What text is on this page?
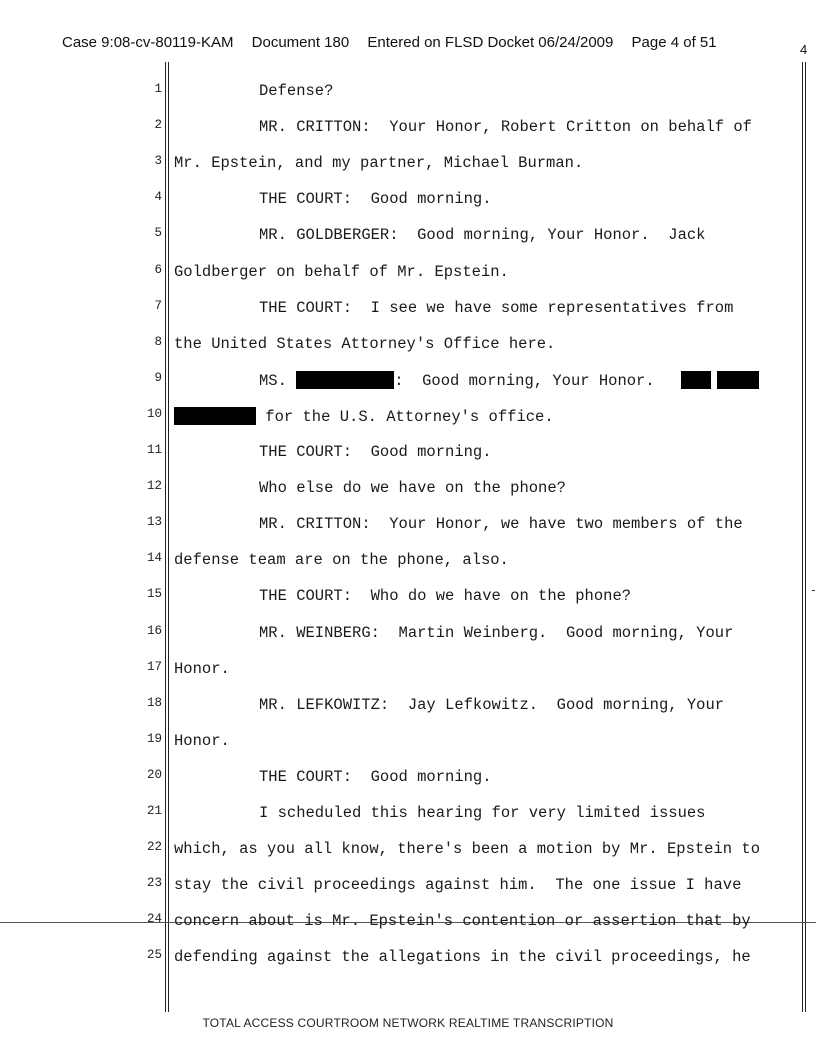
Case 9:08-cv-80119-KAM Document 180 Entered on FLSD Docket 06/24/2009 Page 4 of 51	4
1	Defense?
2	MR. CRITTON:  Your Honor, Robert Critton on behalf of
3 Mr. Epstein, and my partner, Michael Burman.
4	THE COURT:  Good morning.
5	MR. GOLDBERGER:  Good morning, Your Honor.  Jack
6 Goldberger on behalf of Mr. Epstein.
7	THE COURT:  I see we have some representatives from
8 the United States Attorney's Office here.
9	MS.	:  Good morning, Your Honor.
10	for the U.S. Attorney's office.
11	THE COURT:  Good morning.
12	Who else do we have on the phone?
13	MR. CRITTON:  Your Honor, we have two members of the
14 defense team are on the phone, also.
15	THE COURT:  Who do we have on the phone?
16	MR. WEINBERG:  Martin Weinberg.  Good morning, Your
17 Honor.
18	MR. LEFKOWITZ:  Jay Lefkowitz.  Good morning, Your
19 Honor.
20	THE COURT:  Good morning.
21	I scheduled this hearing for very limited issues
22 which, as you all know, there's been a motion by Mr. Epstein to
23 stay the civil proceedings against him.  The one issue I have
24 concern about is Mr. Epstein's contention or assertion that by
25 defending against the allegations in the civil proceedings, he
TOTAL ACCESS COURTROOM NETWORK REALTIME TRANSCRIPTION
